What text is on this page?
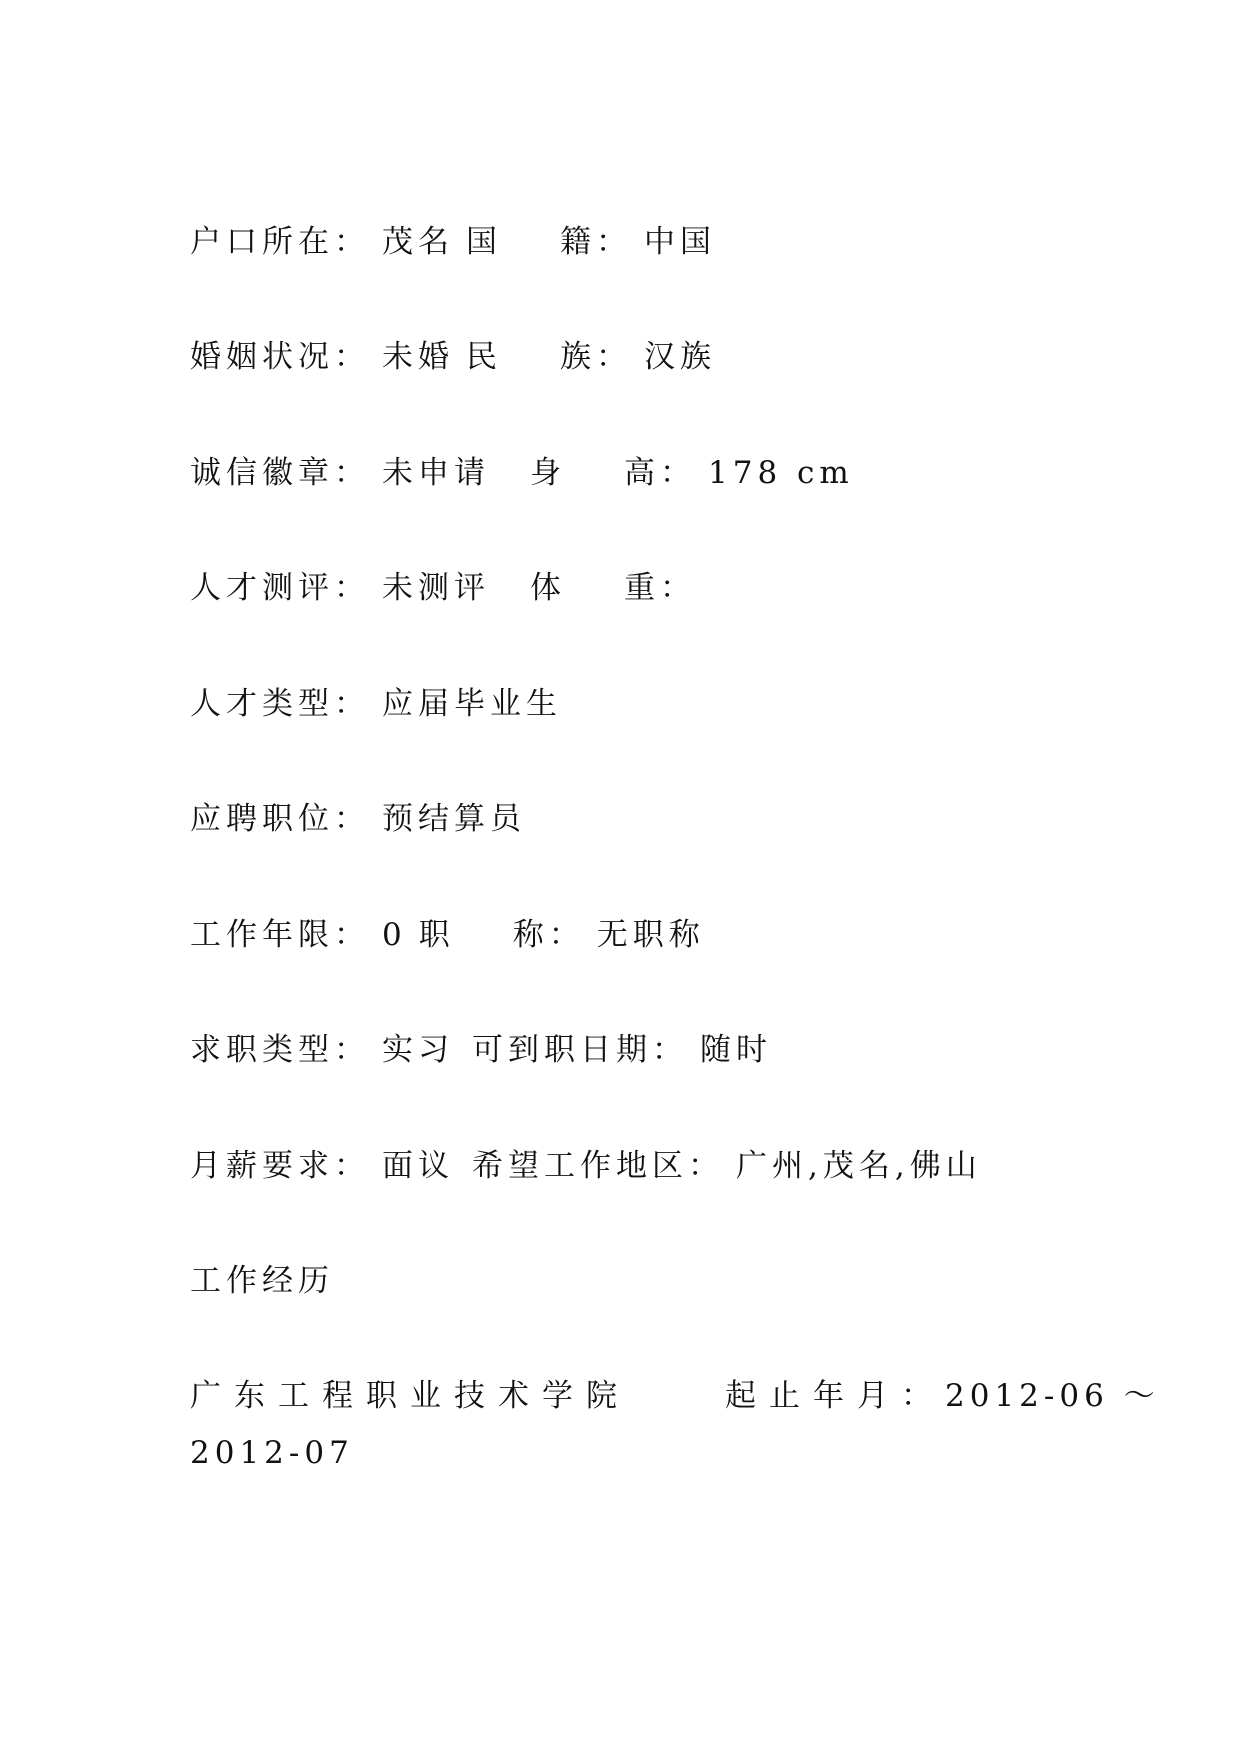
户口所在： 茂名 国 籍： 中国
婚姻状况： 未婚 民 族： 汉族
诚信徽章： 未申请 身 高： 178 cm
人才测评： 未测评 体 重：
人才类型： 应届毕业生
应聘职位： 预结算员
工作年限： 0 职 称： 无职称
求职类型： 实习 可到职日期： 随时
月薪要求： 面议 希望工作地区： 广州,茂名,佛山
工作经历
广东工程职业技术学院	起止年月：2012-06 ～
2012-07
